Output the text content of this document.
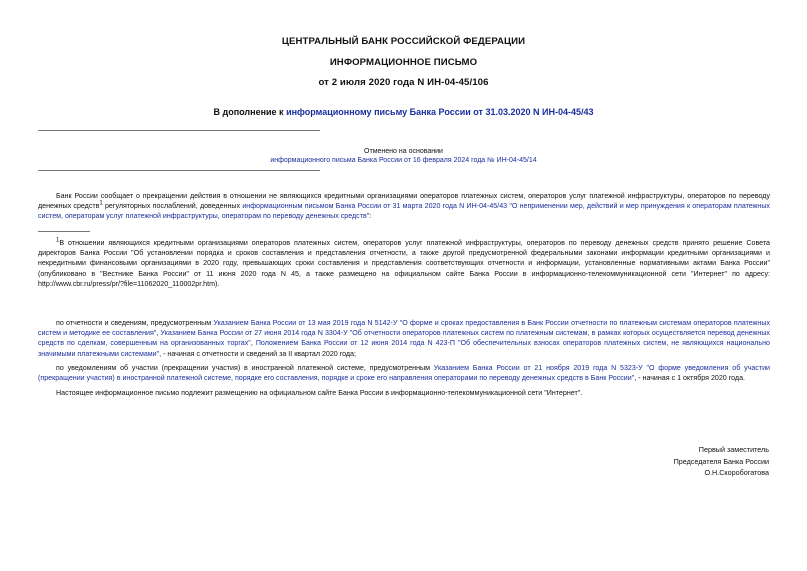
ЦЕНТРАЛЬНЫЙ БАНК РОССИЙСКОЙ ФЕДЕРАЦИИ
ИНФОРМАЦИОННОЕ ПИСЬМО
от 2 июля 2020 года N ИН-04-45/106
В дополнение к информационному письму Банка России от 31.03.2020 N ИН-04-45/43
Отменено на основании
информационного письма Банка России от 16 февраля 2024 года № ИН-04-45/14
Банк России сообщает о прекращении действия в отношении не являющихся кредитными организациями операторов платежных систем, операторов услуг платежной инфраструктуры, операторов по переводу денежных средств$^1$ регуляторных послаблений, доведенных информационным письмом Банка России от 31 марта 2020 года N ИН-04-45/43 "О неприменении мер, действий и мер принуждения к операторам платежных систем, операторам услуг платежной инфраструктуры, операторам по переводу денежных средств":
$^1$В отношении являющихся кредитными организациями операторов платежных систем, операторов услуг платежной инфраструктуры, операторов по переводу денежных средств принято решение Совета директоров Банка России "Об установлении порядка и сроков составления и представления отчетности, а также другой предусмотренной федеральными законами информации кредитными организациями и некредитными финансовыми организациями в 2020 году, превышающих сроки составления и представления соответствующих отчетности и информации, установленные нормативными актами Банка России" (опубликовано в "Вестнике Банка России" от 11 июня 2020 года N 45, а также размещено на официальном сайте Банка России в информационно-телекоммуникационной сети "Интернет" по адресу: http://www.cbr.ru/press/pr/?file=11062020_110002pr.htm).
по отчетности и сведениям, предусмотренным Указанием Банка России от 13 мая 2019 года N 5142-У "О форме и сроках предоставления в Банк России отчетности по платежным системам операторов платежных систем и методике ее составления", Указанием Банка России от 27 июня 2014 года N 3304-У "Об отчетности операторов платежных систем по платежным системам, в рамках которых осуществляется перевод денежных средств по сделкам, совершенным на организованных торгах", Положением Банка России от 12 июня 2014 года N 423-П "Об обеспечительных взносах операторов платежных систем, не являющихся национально значимыми платежными системами", - начиная с отчетности и сведений за II квартал 2020 года;
по уведомлениям об участии (прекращении участия) в иностранной платежной системе, предусмотренным Указанием Банка России от 21 ноября 2019 года N 5323-У "О форме уведомления об участии (прекращении участия) в иностранной платежной системе, порядке его составления, порядке и сроке его направления операторами по переводу денежных средств в Банк России", - начиная с 1 октября 2020 года.
Настоящее информационное письмо подлежит размещению на официальном сайте Банка России в информационно-телекоммуникационной сети "Интернет".
Первый заместитель
Председателя Банка России
О.Н.Скоробогатова
